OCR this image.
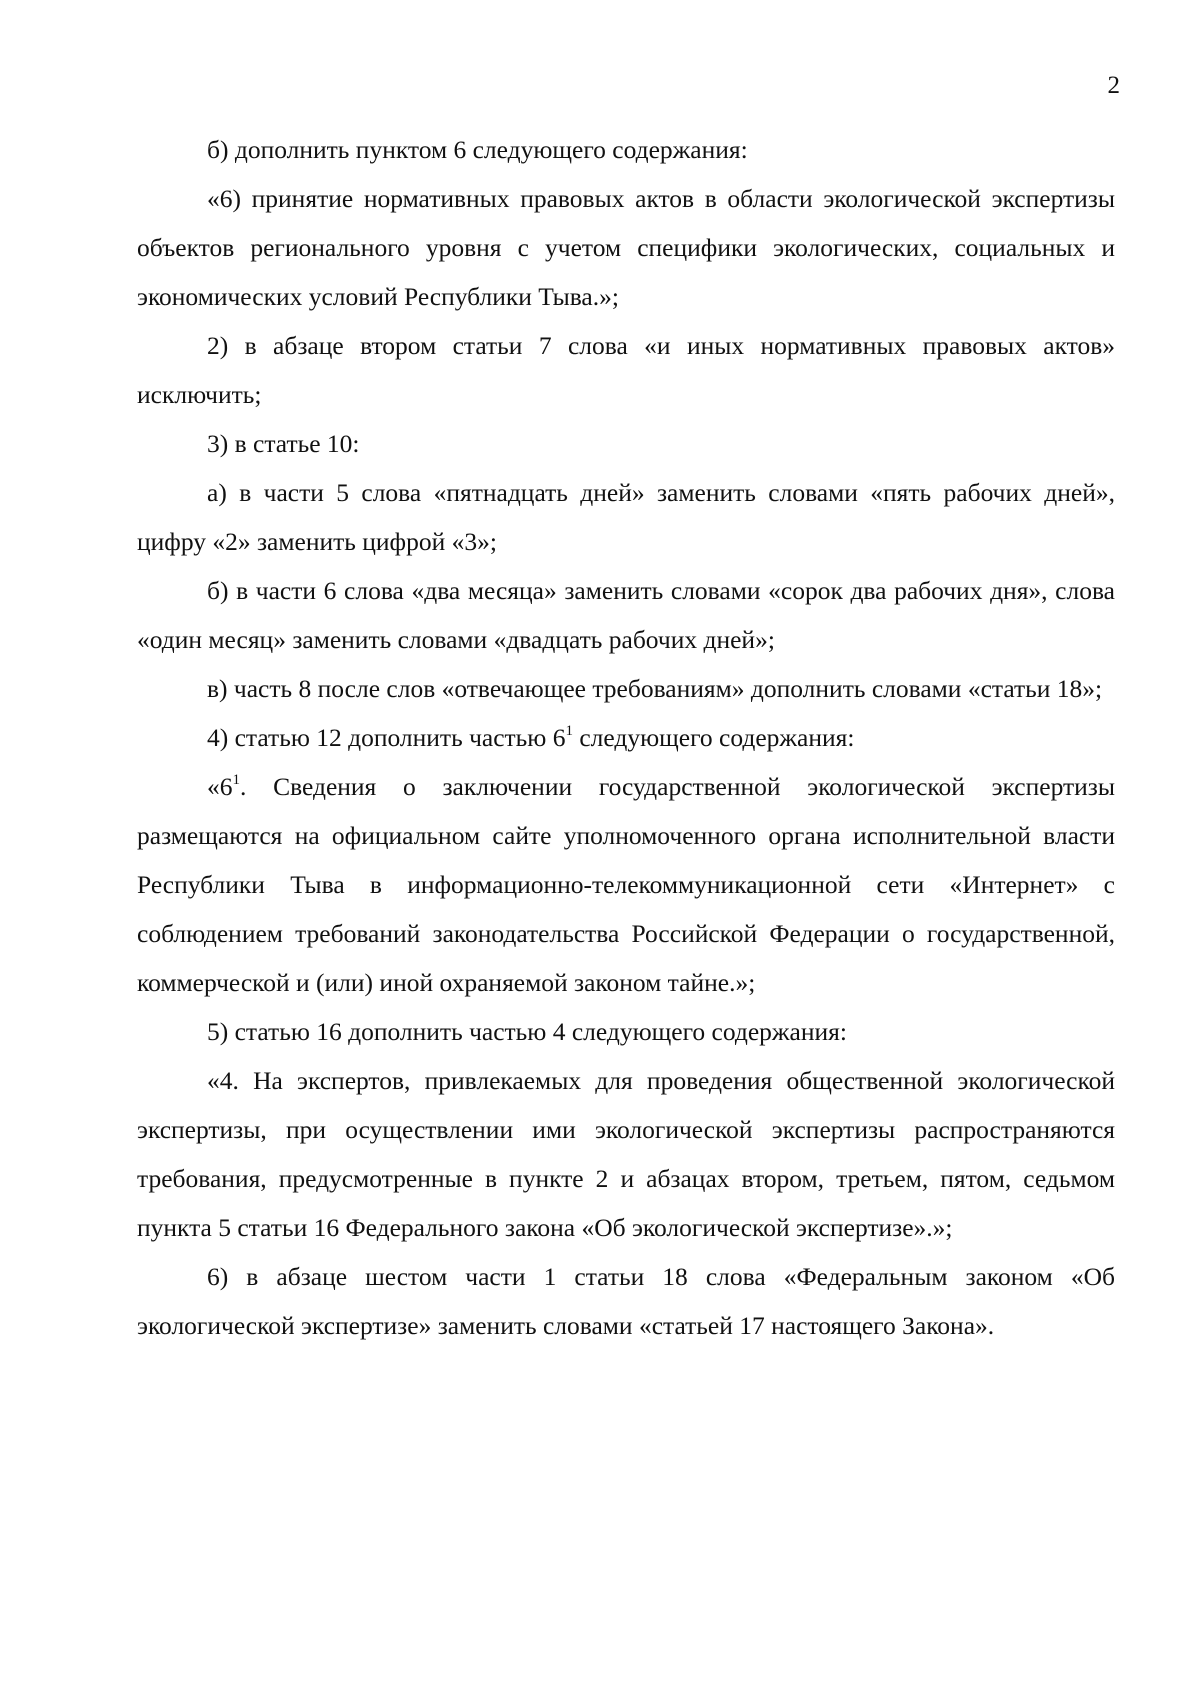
2

б) дополнить пунктом 6 следующего содержания:

«6) принятие нормативных правовых актов в области экологической экспертизы объектов регионального уровня с учетом специфики экологических, социальных и экономических условий Республики Тыва.»;

2) в абзаце втором статьи 7 слова «и иных нормативных правовых актов» исключить;

3) в статье 10:

а) в части 5 слова «пятнадцать дней» заменить словами «пять рабочих дней», цифру «2» заменить цифрой «3»;

б) в части 6 слова «два месяца» заменить словами «сорок два рабочих дня», слова «один месяц» заменить словами «двадцать рабочих дней»;

в) часть 8 после слов «отвечающее требованиям» дополнить словами «статьи 18»;

4) статью 12 дополнить частью $6^1$ следующего содержания:

«$6^1$. Сведения о заключении государственной экологической экспертизы размещаются на официальном сайте уполномоченного органа исполнительной власти Республики Тыва в информационно-телекоммуникационной сети «Интернет» с соблюдением требований законодательства Российской Федерации о государственной, коммерческой и (или) иной охраняемой законом тайне.»;

5) статью 16 дополнить частью 4 следующего содержания:

«4. На экспертов, привлекаемых для проведения общественной экологической экспертизы, при осуществлении ими экологической экспертизы распространяются требования, предусмотренные в пункте 2 и абзацах втором, третьем, пятом, седьмом пункта 5 статьи 16 Федерального закона «Об экологической экспертизе».»;

6) в абзаце шестом части 1 статьи 18 слова «Федеральным законом «Об экологической экспертизе» заменить словами «статьей 17 настоящего Закона».
